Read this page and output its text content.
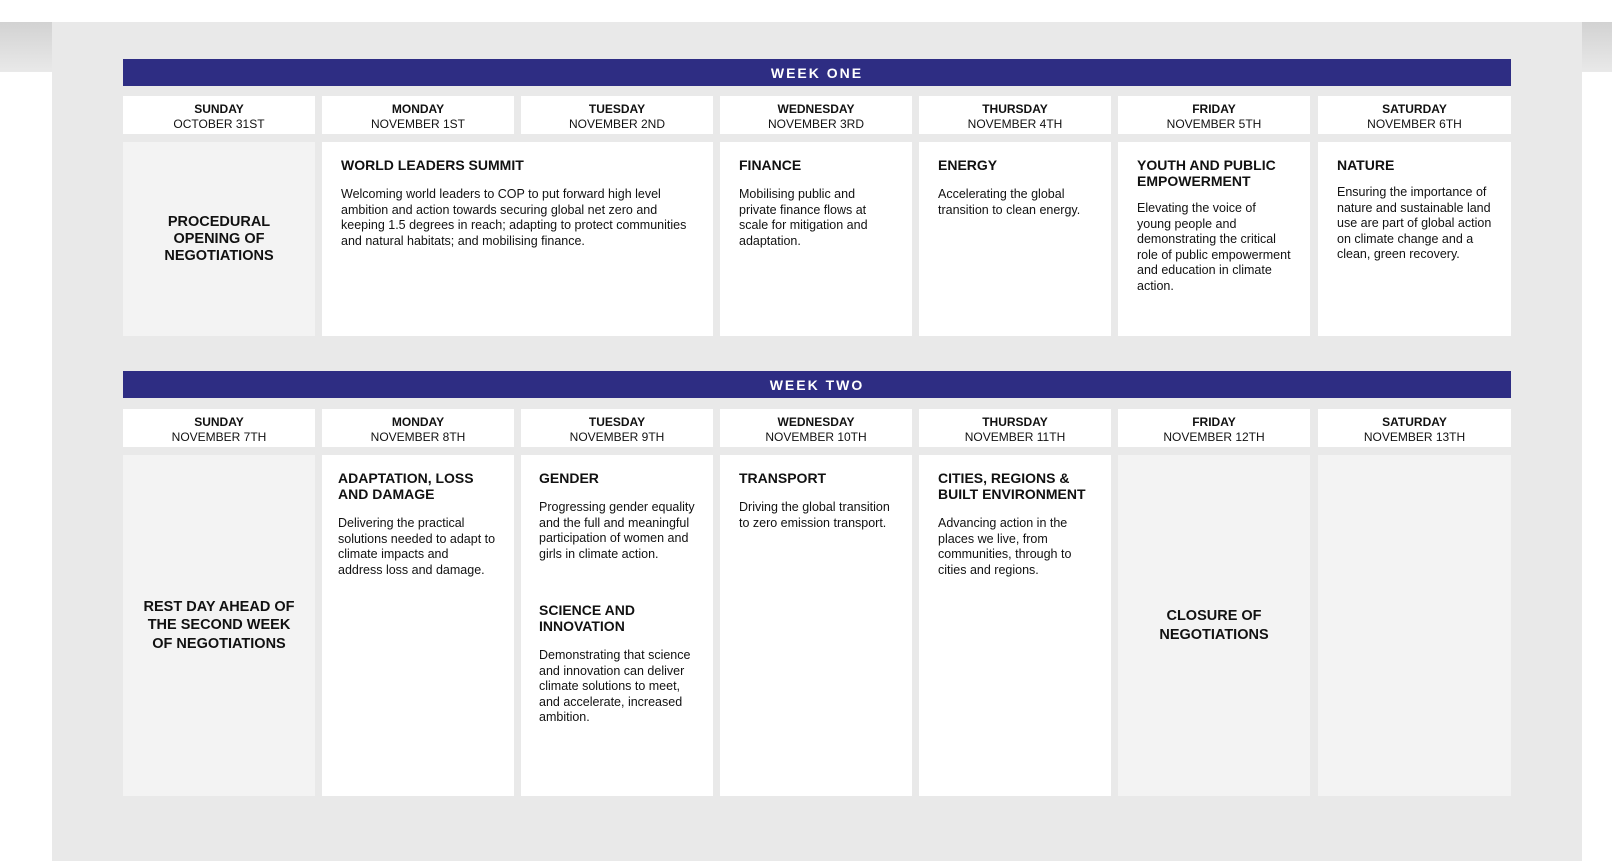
WEEK ONE
SUNDAY
OCTOBER 31ST
MONDAY
NOVEMBER 1ST
TUESDAY
NOVEMBER 2ND
WEDNESDAY
NOVEMBER 3RD
THURSDAY
NOVEMBER 4TH
FRIDAY
NOVEMBER 5TH
SATURDAY
NOVEMBER 6TH
PROCEDURAL OPENING OF NEGOTIATIONS
WORLD LEADERS SUMMIT

Welcoming world leaders to COP to put forward high level ambition and action towards securing global net zero and keeping 1.5 degrees in reach; adapting to protect communities and natural habitats; and mobilising finance.

FINANCE

Mobilising public and private finance flows at scale for mitigation and adaptation.

ENERGY

Accelerating the global transition to clean energy.

YOUTH AND PUBLIC EMPOWERMENT

Elevating the voice of young people and demonstrating the critical role of public empowerment and education in climate action.

NATURE

Ensuring the importance of nature and sustainable land use are part of global action on climate change and a clean, green recovery.

WEEK TWO
SUNDAY
NOVEMBER 7TH
MONDAY
NOVEMBER 8TH
TUESDAY
NOVEMBER 9TH
WEDNESDAY
NOVEMBER 10TH
THURSDAY
NOVEMBER 11TH
FRIDAY
NOVEMBER 12TH
SATURDAY
NOVEMBER 13TH
REST DAY AHEAD OF THE SECOND WEEK OF NEGOTIATIONS
ADAPTATION, LOSS AND DAMAGE

Delivering the practical solutions needed to adapt to climate impacts and address loss and damage.

GENDER

Progressing gender equality and the full and meaningful participation of women and girls in climate action.

SCIENCE AND INNOVATION

Demonstrating that science and innovation can deliver climate solutions to meet, and accelerate, increased ambition.

TRANSPORT

Driving the global transition to zero emission transport.

CITIES, REGIONS & BUILT ENVIRONMENT

Advancing action in the places we live, from communities, through to cities and regions.

CLOSURE OF NEGOTIATIONS
